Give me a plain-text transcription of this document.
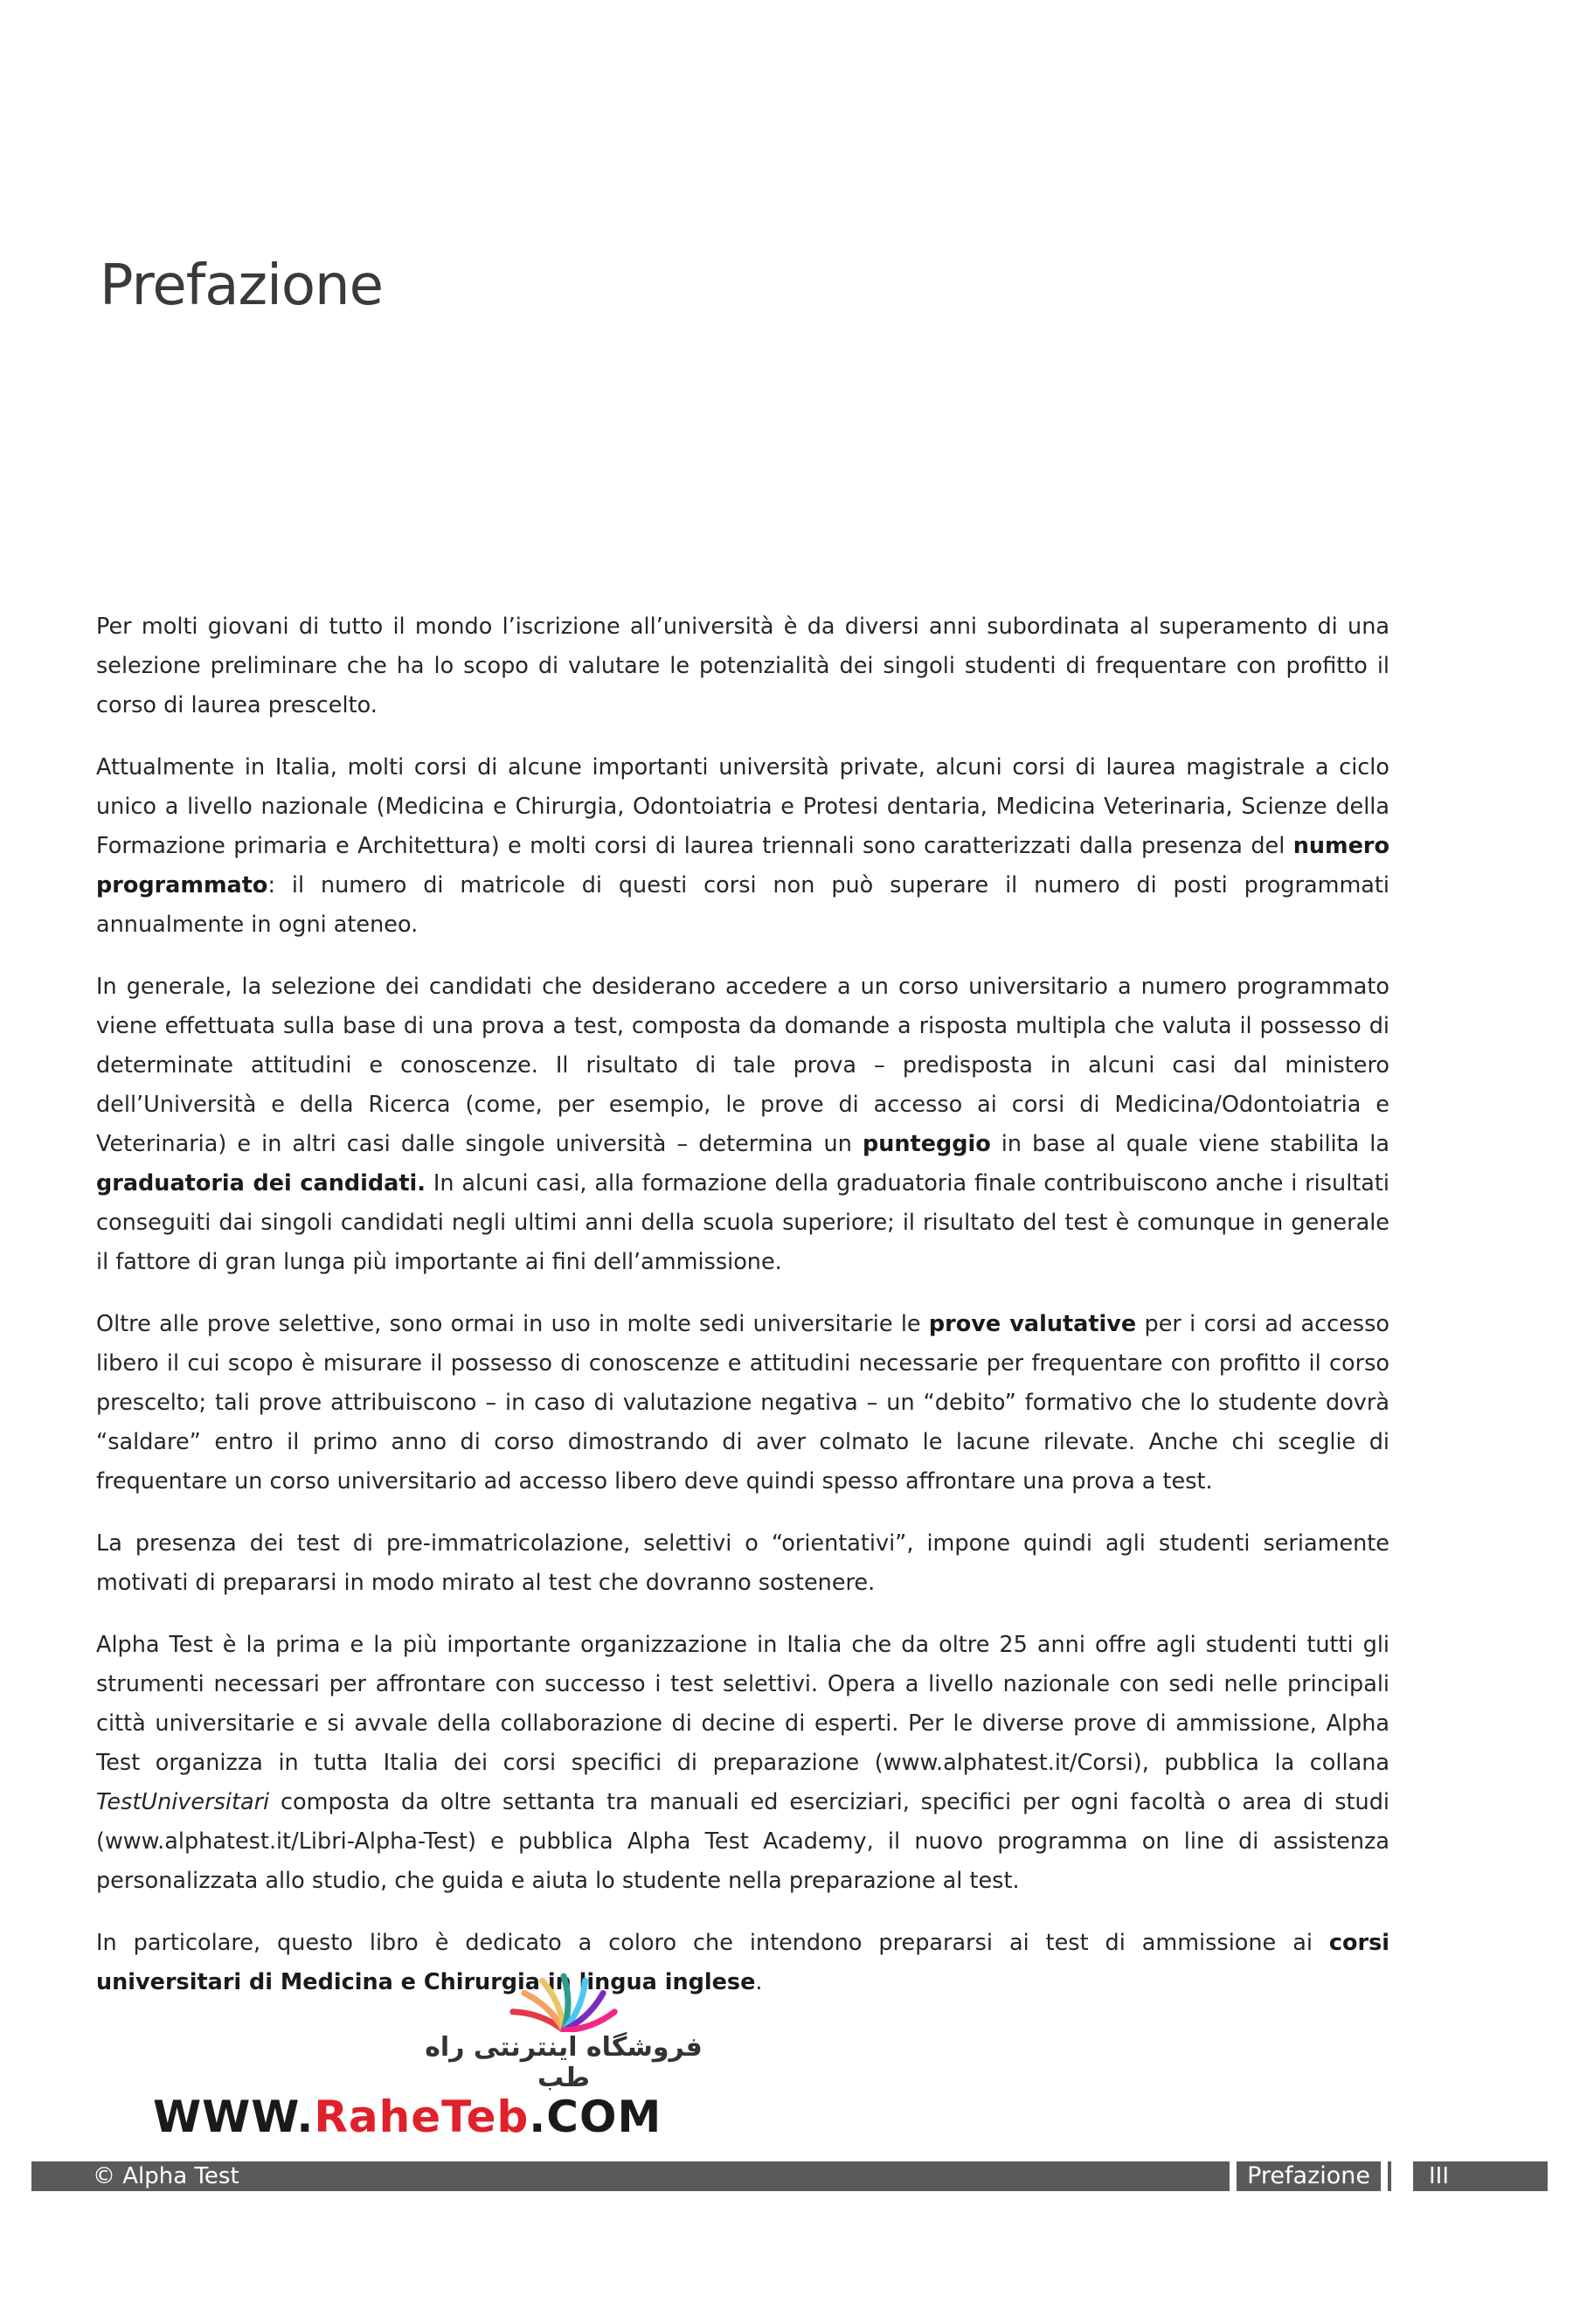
Prefazione

Per molti giovani di tutto il mondo l’iscrizione all’università è da diversi anni subordinata al superamento di una selezione preliminare che ha lo scopo di valutare le potenzialità dei singoli studenti di frequentare con profitto il corso di laurea prescelto.

Attualmente in Italia, molti corsi di alcune importanti università private, alcuni corsi di laurea magistrale a ciclo unico a livello nazionale (Medicina e Chirurgia, Odontoiatria e Protesi dentaria, Medicina Veterinaria, Scienze della Formazione primaria e Architettura) e molti corsi di laurea triennali sono caratterizzati dalla presenza del numero programmato: il numero di matricole di questi corsi non può superare il numero di posti programmati annualmente in ogni ateneo.

In generale, la selezione dei candidati che desiderano accedere a un corso universitario a numero programmato viene effettuata sulla base di una prova a test, composta da domande a risposta multipla che valuta il possesso di determinate attitudini e conoscenze. Il risultato di tale prova – predisposta in alcuni casi dal ministero dell’Università e della Ricerca (come, per esempio, le prove di accesso ai corsi di Medicina/Odontoiatria e Veterinaria) e in altri casi dalle singole università – determina un punteggio in base al quale viene stabilita la graduatoria dei candidati. In alcuni casi, alla formazione della graduatoria finale contribuiscono anche i risultati conseguiti dai singoli candidati negli ultimi anni della scuola superiore; il risultato del test è comunque in generale il fattore di gran lunga più importante ai fini dell’ammissione.

Oltre alle prove selettive, sono ormai in uso in molte sedi universitarie le prove valutative per i corsi ad accesso libero il cui scopo è misurare il possesso di conoscenze e attitudini necessarie per frequentare con profitto il corso prescelto; tali prove attribuiscono – in caso di valutazione negativa – un “debito” formativo che lo studente dovrà “saldare” entro il primo anno di corso dimostrando di aver colmato le lacune rilevate. Anche chi sceglie di frequentare un corso universitario ad accesso libero deve quindi spesso affrontare una prova a test.

La presenza dei test di pre-immatricolazione, selettivi o “orientativi”, impone quindi agli studenti seriamente motivati di prepararsi in modo mirato al test che dovranno sostenere.

Alpha Test è la prima e la più importante organizzazione in Italia che da oltre 25 anni offre agli studenti tutti gli strumenti necessari per affrontare con successo i test selettivi. Opera a livello nazionale con sedi nelle principali città universitarie e si avvale della collaborazione di decine di esperti. Per le diverse prove di ammissione, Alpha Test organizza in tutta Italia dei corsi specifici di preparazione (www.alphatest.it/Corsi), pubblica la collana TestUniversitari composta da oltre settanta tra manuali ed eserciziari, specifici per ogni facoltà o area di studi (www.alphatest.it/Libri-Alpha-Test) e pubblica Alpha Test Academy, il nuovo programma on line di assistenza personalizzata allo studio, che guida e aiuta lo studente nella preparazione al test.

In particolare, questo libro è dedicato a coloro che intendono prepararsi ai test di ammissione ai corsi universitari di Medicina e Chirurgia in lingua inglese.

فروشگاه اینترنتی راه طب
WWW.RaheTeb.COM
© Alpha Test	Prefazione	III
